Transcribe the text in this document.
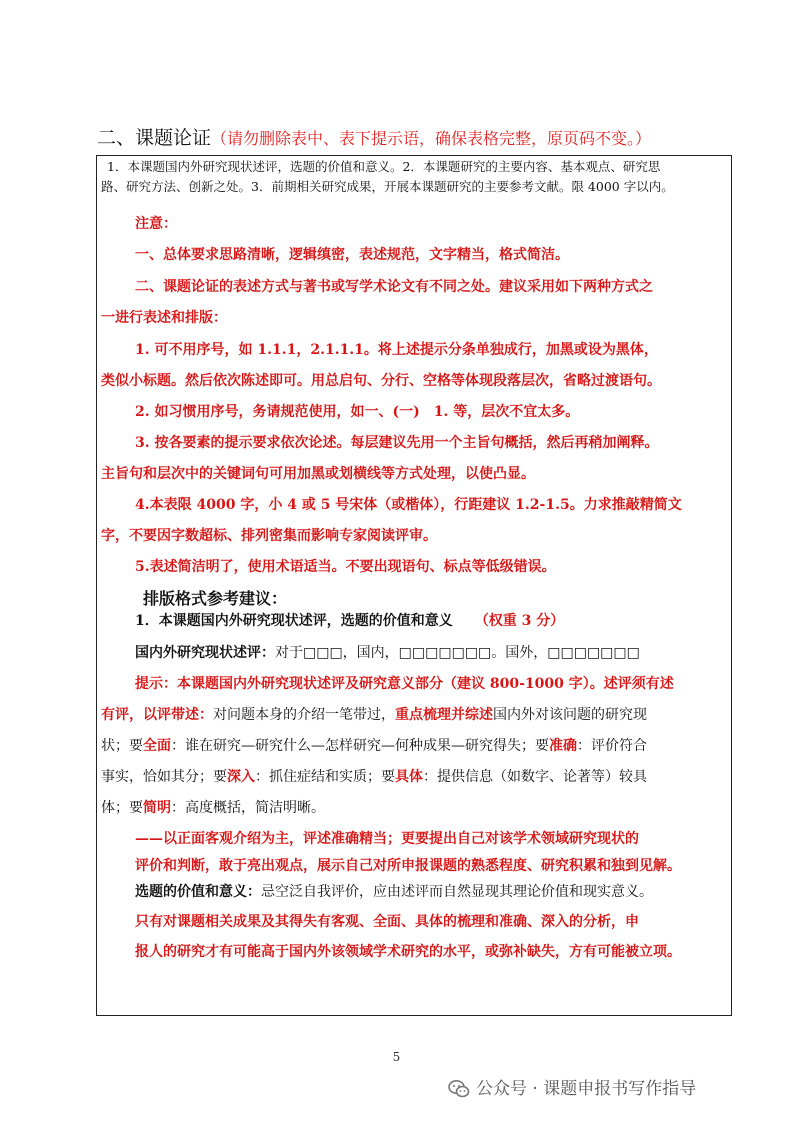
二、课题论证（请勿删除表中、表下提示语，确保表格完整，原页码不变。）
1．本课题国内外研究现状述评，选题的价值和意义。2．本课题研究的主要内容、基本观点、研究思
路、研究方法、创新之处。3．前期相关研究成果，开展本课题研究的主要参考文献。限 4000 字以内。
注意：
一、总体要求思路清晰，逻辑缜密，表述规范，文字精当，格式简洁。
二、课题论证的表述方式与著书或写学术论文有不同之处。建议采用如下两种方式之
一进行表述和排版：
1. 可不用序号，如 1.1.1，2.1.1.1。将上述提示分条单独成行，加黑或设为黑体，
类似小标题。然后依次陈述即可。用总启句、分行、空格等体现段落层次，省略过渡语句。
2. 如习惯用序号，务请规范使用，如一、(一)　1. 等，层次不宜太多。
3. 按各要素的提示要求依次论述。每层建议先用一个主旨句概括，然后再稍加阐释。
主旨句和层次中的关键词句可用加黑或划横线等方式处理，以使凸显。
4.本表限 4000 字，小 4 或 5 号宋体（或楷体），行距建议 1.2-1.5。力求推敲精简文
字，不要因字数超标、排列密集而影响专家阅读评审。
5.表述简洁明了，使用术语适当。不要出现语句、标点等低级错误。
排版格式参考建议：
1．本课题国内外研究现状述评，选题的价值和意义 （权重 3 分）
国内外研究现状述评：对于□□□，国内，□□□□□□□。国外，□□□□□□□
提示：本课题国内外研究现状述评及研究意义部分（建议 800-1000 字）。述评须有述
有评，以评带述：对问题本身的介绍一笔带过，重点梳理并综述国内外对该问题的研究现
状；要全面：谁在研究—研究什么—怎样研究—何种成果—研究得失；要准确：评价符合
事实，恰如其分；要深入：抓住症结和实质；要具体：提供信息（如数字、论著等）较具
体；要简明：高度概括，简洁明晰。
——以正面客观介绍为主，评述准确精当；更要提出自己对该学术领域研究现状的
评价和判断，敢于亮出观点，展示自己对所申报课题的熟悉程度、研究积累和独到见解。
选题的价值和意义：忌空泛自我评价，应由述评而自然显现其理论价值和现实意义。
只有对课题相关成果及其得失有客观、全面、具体的梳理和准确、深入的分析，申
报人的研究才有可能高于国内外该领域学术研究的水平，或弥补缺失，方有可能被立项。
5
公众号 · 课题申报书写作指导
